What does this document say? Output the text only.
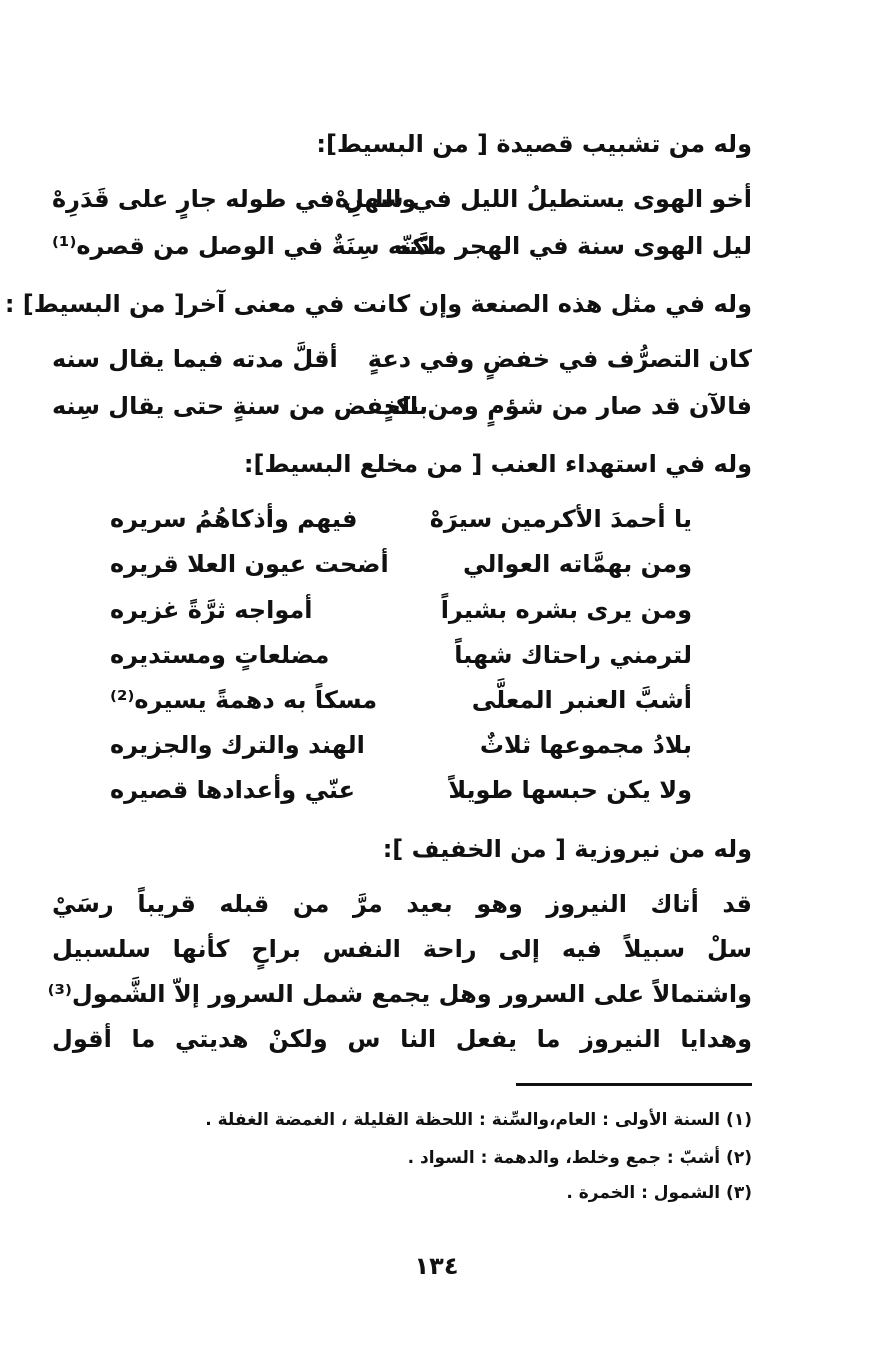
وله من تشبيب قصيدة [ من البسيط]:
أخو الهوى يستطيلُ الليل في سهرِهْ
والليل في طوله جارٍ على قَدَرِهْ
ليل الهوى سنة في الهجر مدَّته
لكنّه سِنَةٌ في الوصل من قصره⁽¹⁾
وله في مثل هذه الصنعة وإن كانت في معنى آخر[ من البسيط] :
كان التصرُّف في خفضٍ وفي دعةٍ
أقلَّ مدته فيما يقال سنه
فالآن قد صار من شؤمٍ ومن نكدٍ
بالخفض من سنةٍ حتى يقال سِنه
وله في استهداء العنب [ من مخلع البسيط]:
يا أحمدَ الأكرمين سيرَهْ
فيهم وأذكاهُمُ سريره
ومن بهمَّاته العوالي
أضحت عيون العلا قريره
ومن يرى بشره بشيراً
أمواجه ثرَّةً غزيره
لترمني راحتاك شهباً
مضلعاتٍ ومستديره
أشبَّ العنبر المعلَّى
مسكاً به دهمةً يسيره⁽²⁾
بلادُ مجموعها ثلاثٌ
الهند والترك والجزيره
ولا يكن حبسها طويلاً
عنّي وأعدادها قصيره
وله من نيروزية [ من الخفيف ]:
قد أتاك النيروز وهو بعيد مرَّ من قبله قريباً رسَيْ
سلْ سبيلاً فيه إلى راحة النفس براحٍ كأنها سلسبيل
واشتمالاً على السرور وهل يجمع شمل السرور إلاّ الشَّمول⁽³⁾
وهدايا النيروز ما يفعل النا س ولكنْ هديتي ما أقول
(١) السنة الأولى : العام،والسِّنة : اللحظة القليلة ، الغمضة الغفلة .
(٢) أشبّ : جمع وخلط، والدهمة : السواد .
(٣) الشمول : الخمرة .
١٣٤
